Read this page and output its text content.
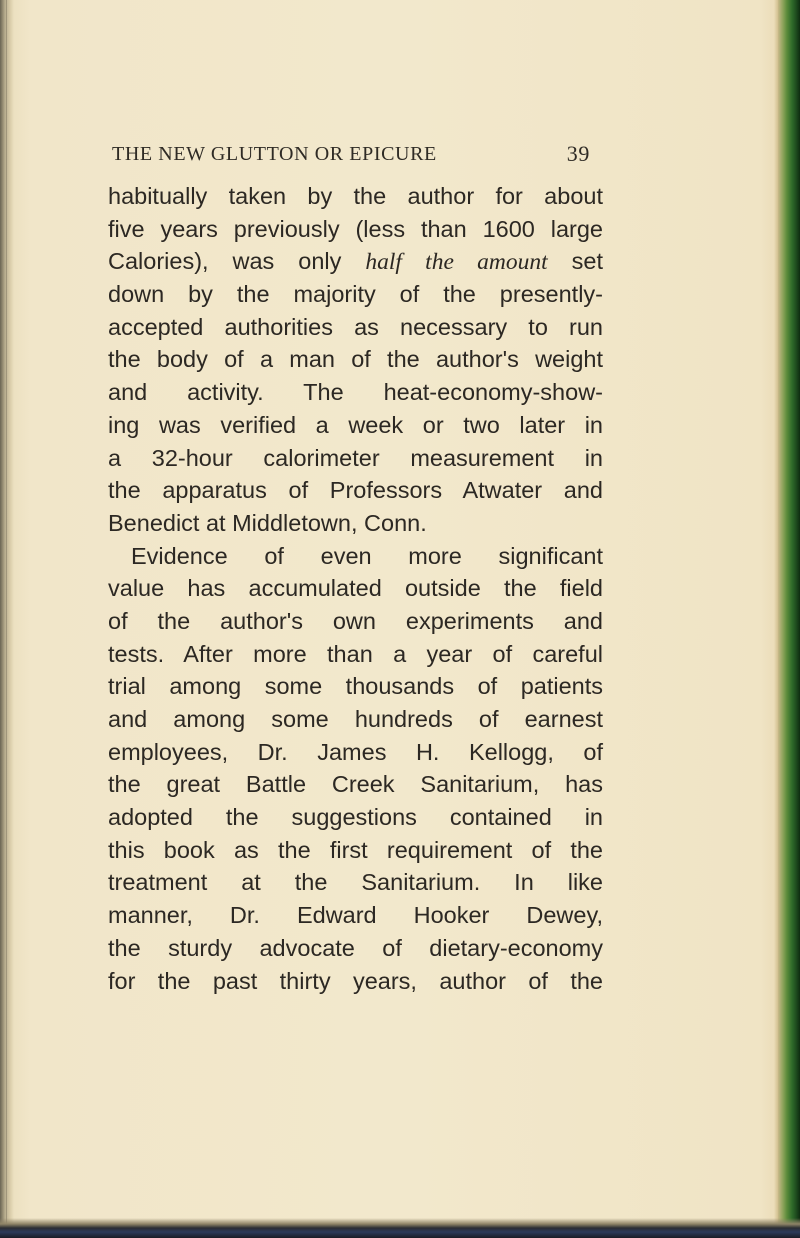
THE NEW GLUTTON OR EPICURE	39
habitually taken by the author for about
five years previously (less than 1600 large
Calories), was only half the amount set
down by the majority of the presently-
accepted authorities as necessary to run
the body of a man of the author's weight
and activity. The heat-economy-show-
ing was verified a week or two later in
a 32-hour calorimeter measurement in
the apparatus of Professors Atwater and
Benedict at Middletown, Conn.
Evidence of even more significant
value has accumulated outside the field
of the author's own experiments and
tests. After more than a year of careful
trial among some thousands of patients
and among some hundreds of earnest
employees, Dr. James H. Kellogg, of
the great Battle Creek Sanitarium, has
adopted the suggestions contained in
this book as the first requirement of the
treatment at the Sanitarium. In like
manner, Dr. Edward Hooker Dewey,
the sturdy advocate of dietary-economy
for the past thirty years, author of the
